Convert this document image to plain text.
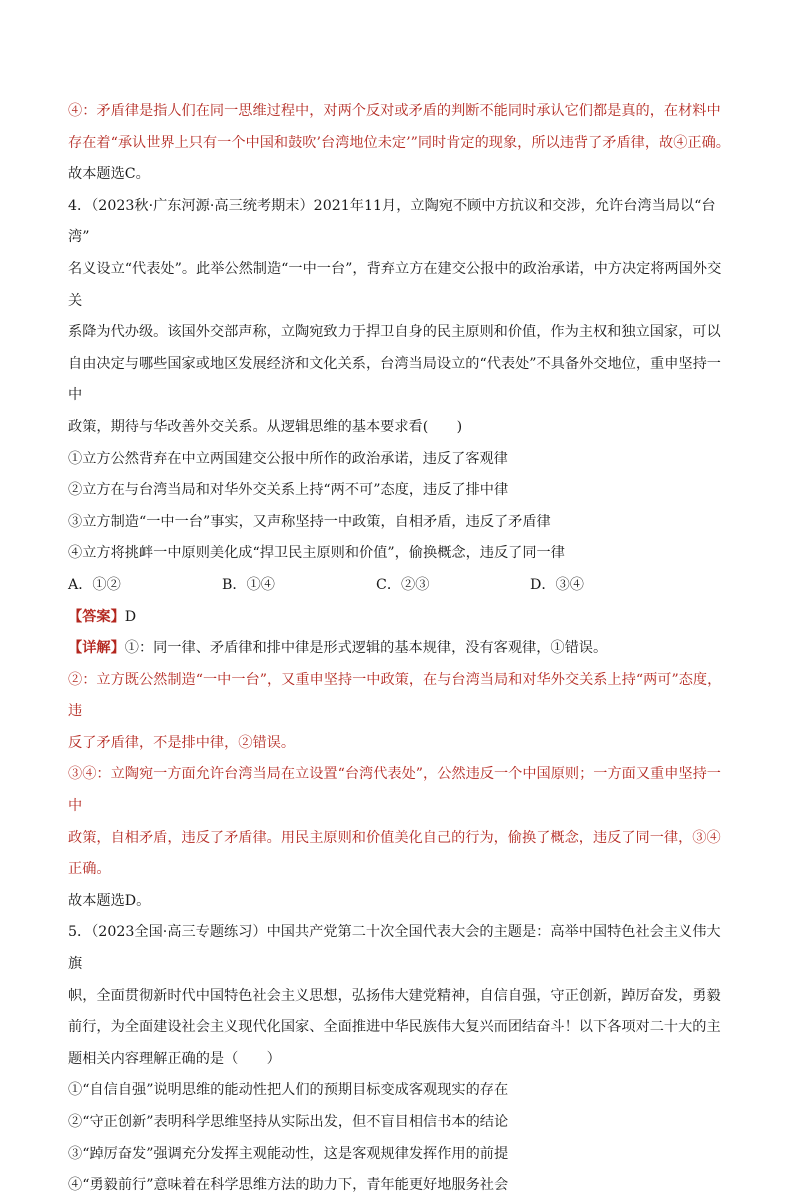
④：矛盾律是指人们在同一思维过程中，对两个反对或矛盾的判断不能同时承认它们都是真的，在材料中

存在着“承认世界上只有一个中国和鼓吹’台湾地位未定’”同时肯定的现象，所以违背了矛盾律，故④正确。

故本题选C。

4．（2023秋·广东河源·高三统考期末）2021年11月，立陶宛不顾中方抗议和交涉，允许台湾当局以“台湾”

名义设立“代表处”。此举公然制造“一中一台”，背弃立方在建交公报中的政治承诺，中方决定将两国外交关

系降为代办级。该国外交部声称，立陶宛致力于捍卫自身的民主原则和价值，作为主权和独立国家，可以

自由决定与哪些国家或地区发展经济和文化关系，台湾当局设立的“代表处”不具备外交地位，重申坚持一中

政策，期待与华改善外交关系。从逻辑思维的基本要求看(　　)

①立方公然背弃在中立两国建交公报中所作的政治承诺，违反了客观律

②立方在与台湾当局和对华外交关系上持“两不可”态度，违反了排中律

③立方制造“一中一台”事实，又声称坚持一中政策，自相矛盾，违反了矛盾律

④立方将挑衅一中原则美化成“捍卫民主原则和价值”，偷换概念，违反了同一律

A．①②	B．①④	C．②③	D．③④

【答案】D

【详解】①：同一律、矛盾律和排中律是形式逻辑的基本规律，没有客观律，①错误。

②：立方既公然制造“一中一台”，又重申坚持一中政策，在与台湾当局和对华外交关系上持“两可”态度，违

反了矛盾律，不是排中律，②错误。

③④：立陶宛一方面允许台湾当局在立设置“台湾代表处”，公然违反一个中国原则；一方面又重申坚持一中

政策，自相矛盾，违反了矛盾律。用民主原则和价值美化自己的行为，偷换了概念，违反了同一律，③④

正确。

故本题选D。

5．（2023全国·高三专题练习）中国共产党第二十次全国代表大会的主题是：高举中国特色社会主义伟大旗

帜，全面贯彻新时代中国特色社会主义思想，弘扬伟大建党精神，自信自强，守正创新，踔厉奋发，勇毅

前行，为全面建设社会主义现代化国家、全面推进中华民族伟大复兴而团结奋斗！以下各项对二十大的主

题相关内容理解正确的是（　　）

①“自信自强”说明思维的能动性把人们的预期目标变成客观现实的存在

②“守正创新”表明科学思维坚持从实际出发，但不盲目相信书本的结论

③“踔厉奋发”强调充分发挥主观能动性，这是客观规律发挥作用的前提

④“勇毅前行”意味着在科学思维方法的助力下，青年能更好地服务社会
